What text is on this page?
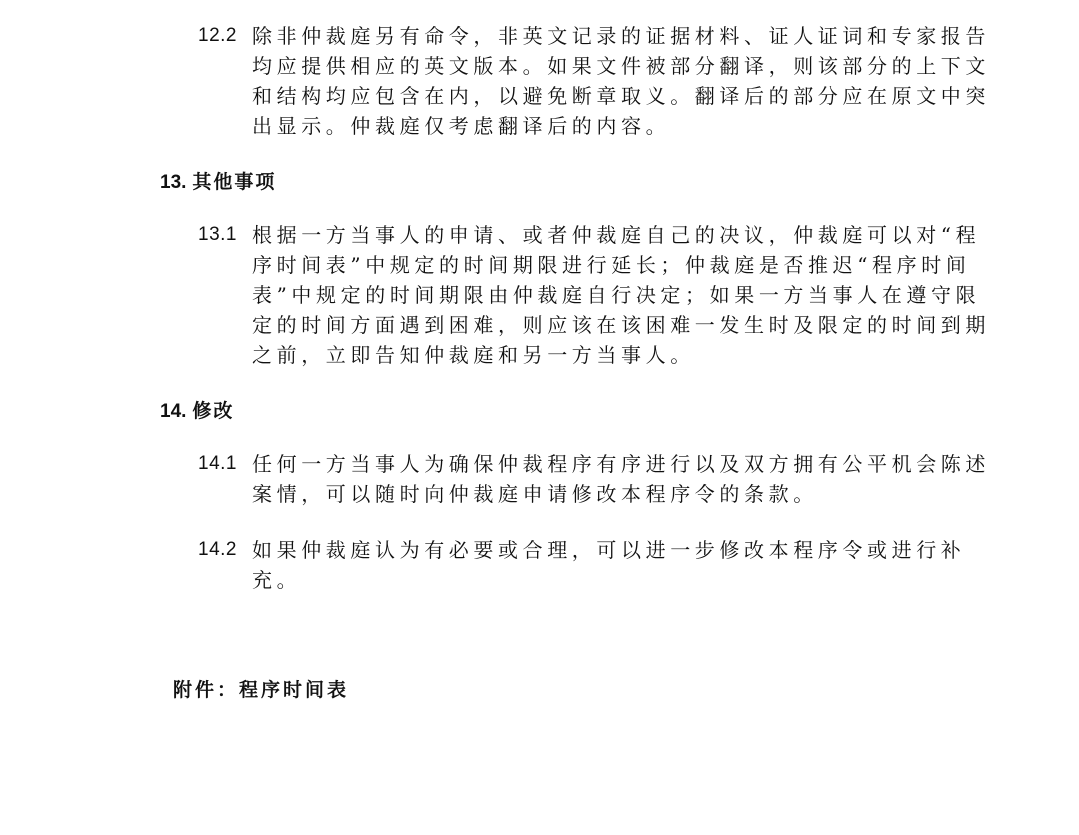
12.2 除非仲裁庭另有命令，非英文记录的证据材料、证人证词和专家报告
均应提供相应的英文版本。如果文件被部分翻译，则该部分的上下文
和结构均应包含在内，以避免断章取义。翻译后的部分应在原文中突
出显示。仲裁庭仅考虑翻译后的内容。
13. 其他事项
13.1 根据一方当事人的申请、或者仲裁庭自己的决议，仲裁庭可以对“程
序时间表”中规定的时间期限进行延长；仲裁庭是否推迟“程序时间
表”中规定的时间期限由仲裁庭自行决定；如果一方当事人在遵守限
定的时间方面遇到困难，则应该在该困难一发生时及限定的时间到期
之前，立即告知仲裁庭和另一方当事人。
14. 修改
14.1 任何一方当事人为确保仲裁程序有序进行以及双方拥有公平机会陈述
案情，可以随时向仲裁庭申请修改本程序令的条款。
14.2 如果仲裁庭认为有必要或合理，可以进一步修改本程序令或进行补
充。
附件：程序时间表
